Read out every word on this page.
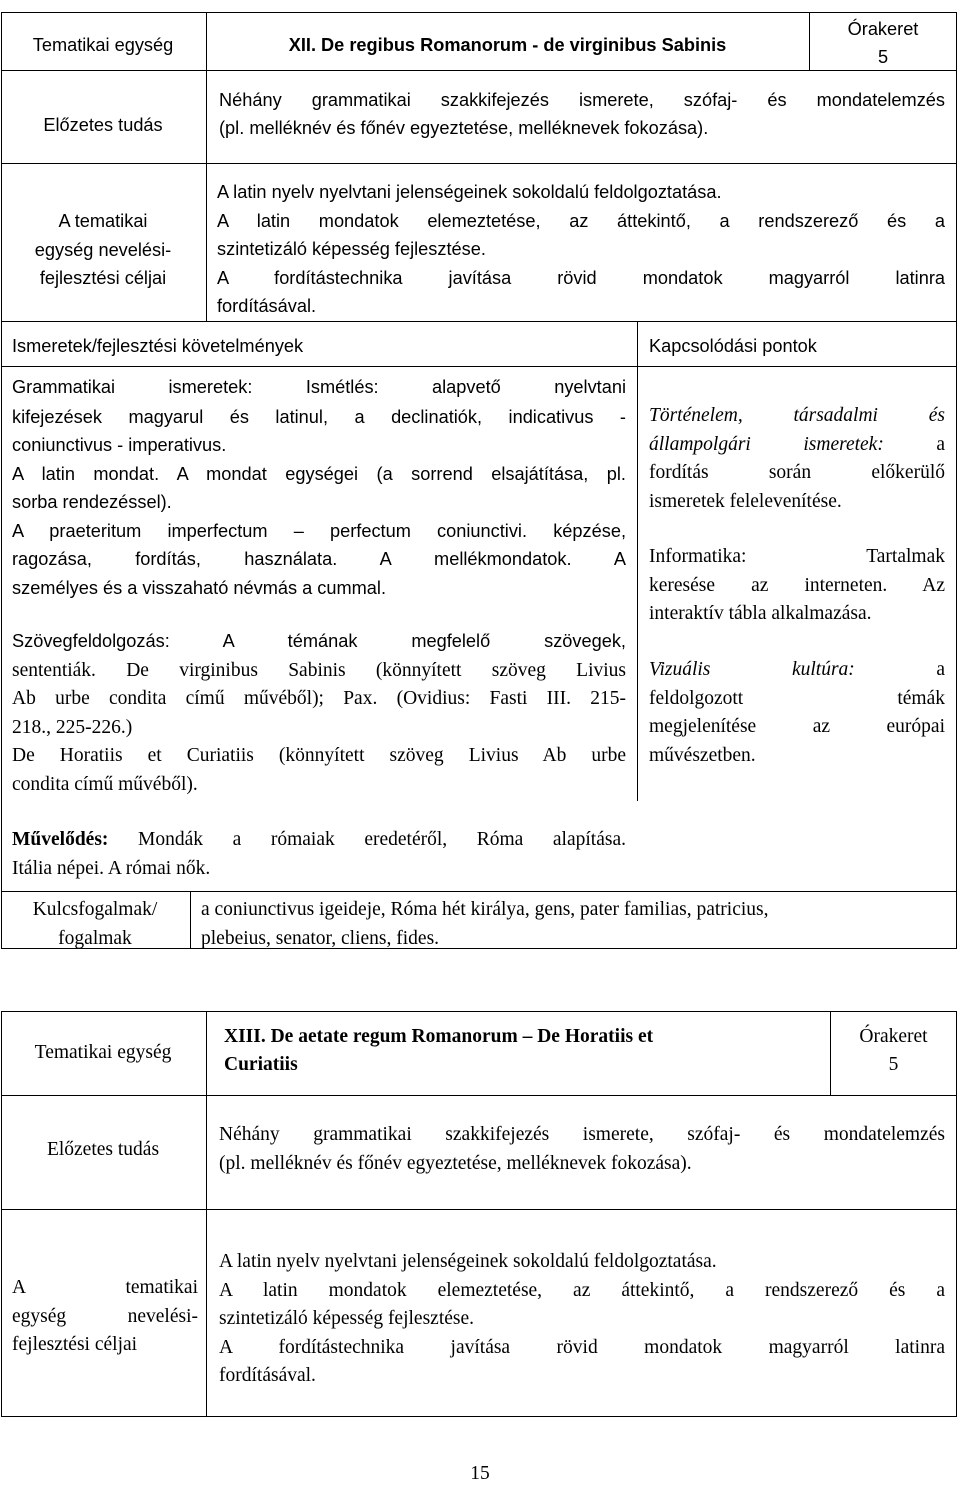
Tematikai egység	XII. De regibus Romanorum - de virginibus Sabinis
Órakeret
5
Előzetes tudás
Néhány grammatikai szakkifejezés ismerete, szófaj- és mondatelemzés
(pl. melléknév és főnév egyeztetése, melléknevek fokozása).
A tematikai
egység nevelési-
fejlesztési céljai
A latin nyelv nyelvtani jelenségeinek sokoldalú feldolgoztatása.
A latin mondatok elemeztetése, az áttekintő, a rendszerező és a
szintetizáló képesség fejlesztése.
A fordítástechnika javítása rövid mondatok magyarról latinra
fordításával.
Ismeretek/fejlesztési követelmények	Kapcsolódási pontok
Grammatikai ismeretek: Ismétlés: alapvető nyelvtani
kifejezések magyarul és latinul, a declinatiók, indicativus -
coniunctivus - imperativus.
A latin mondat. A mondat egységei (a sorrend elsajátítása, pl.
sorba rendezéssel).
A praeteritum imperfectum – perfectum coniunctivi. képzése,
ragozása, fordítás, használata. A mellékmondatok. A
személyes és a visszaható névmás a cummal.
Szövegfeldolgozás: A témának megfelelő szövegek,
sententiák. De virginibus Sabinis (könnyített szöveg Livius
Ab urbe condita című művéből); Pax. (Ovidius: Fasti III. 215-
218., 225-226.)
De Horatiis et Curiatiis (könnyített szöveg Livius Ab urbe
condita című művéből).
Művelődés: Mondák a rómaiak eredetéről, Róma alapítása.
Itália népei. A római nők.
Történelem, társadalmi és
állampolgári ismeretek: a
fordítás során előkerülő
ismeretek felelevenítése.
Informatika: Tartalmak
keresése az interneten. Az
interaktív tábla alkalmazása.
Vizuális kultúra: a
feldolgozott témák
megjelenítése az európai
művészetben.
Kulcsfogalmak/
fogalmak
a coniunctivus igeideje, Róma hét királya, gens, pater familias, patricius,
plebeius, senator, cliens, fides.
Tematikai egység
XIII. De aetate regum Romanorum – De Horatiis et
Curiatiis
Órakeret
5
Előzetes tudás
Néhány grammatikai szakkifejezés ismerete, szófaj- és mondatelemzés
(pl. melléknév és főnév egyeztetése, melléknevek fokozása).
A tematikai
egység nevelési-
fejlesztési céljai
A latin nyelv nyelvtani jelenségeinek sokoldalú feldolgoztatása.
A latin mondatok elemeztetése, az áttekintő, a rendszerező és a
szintetizáló képesség fejlesztése.
A fordítástechnika javítása rövid mondatok magyarról latinra
fordításával.
15
